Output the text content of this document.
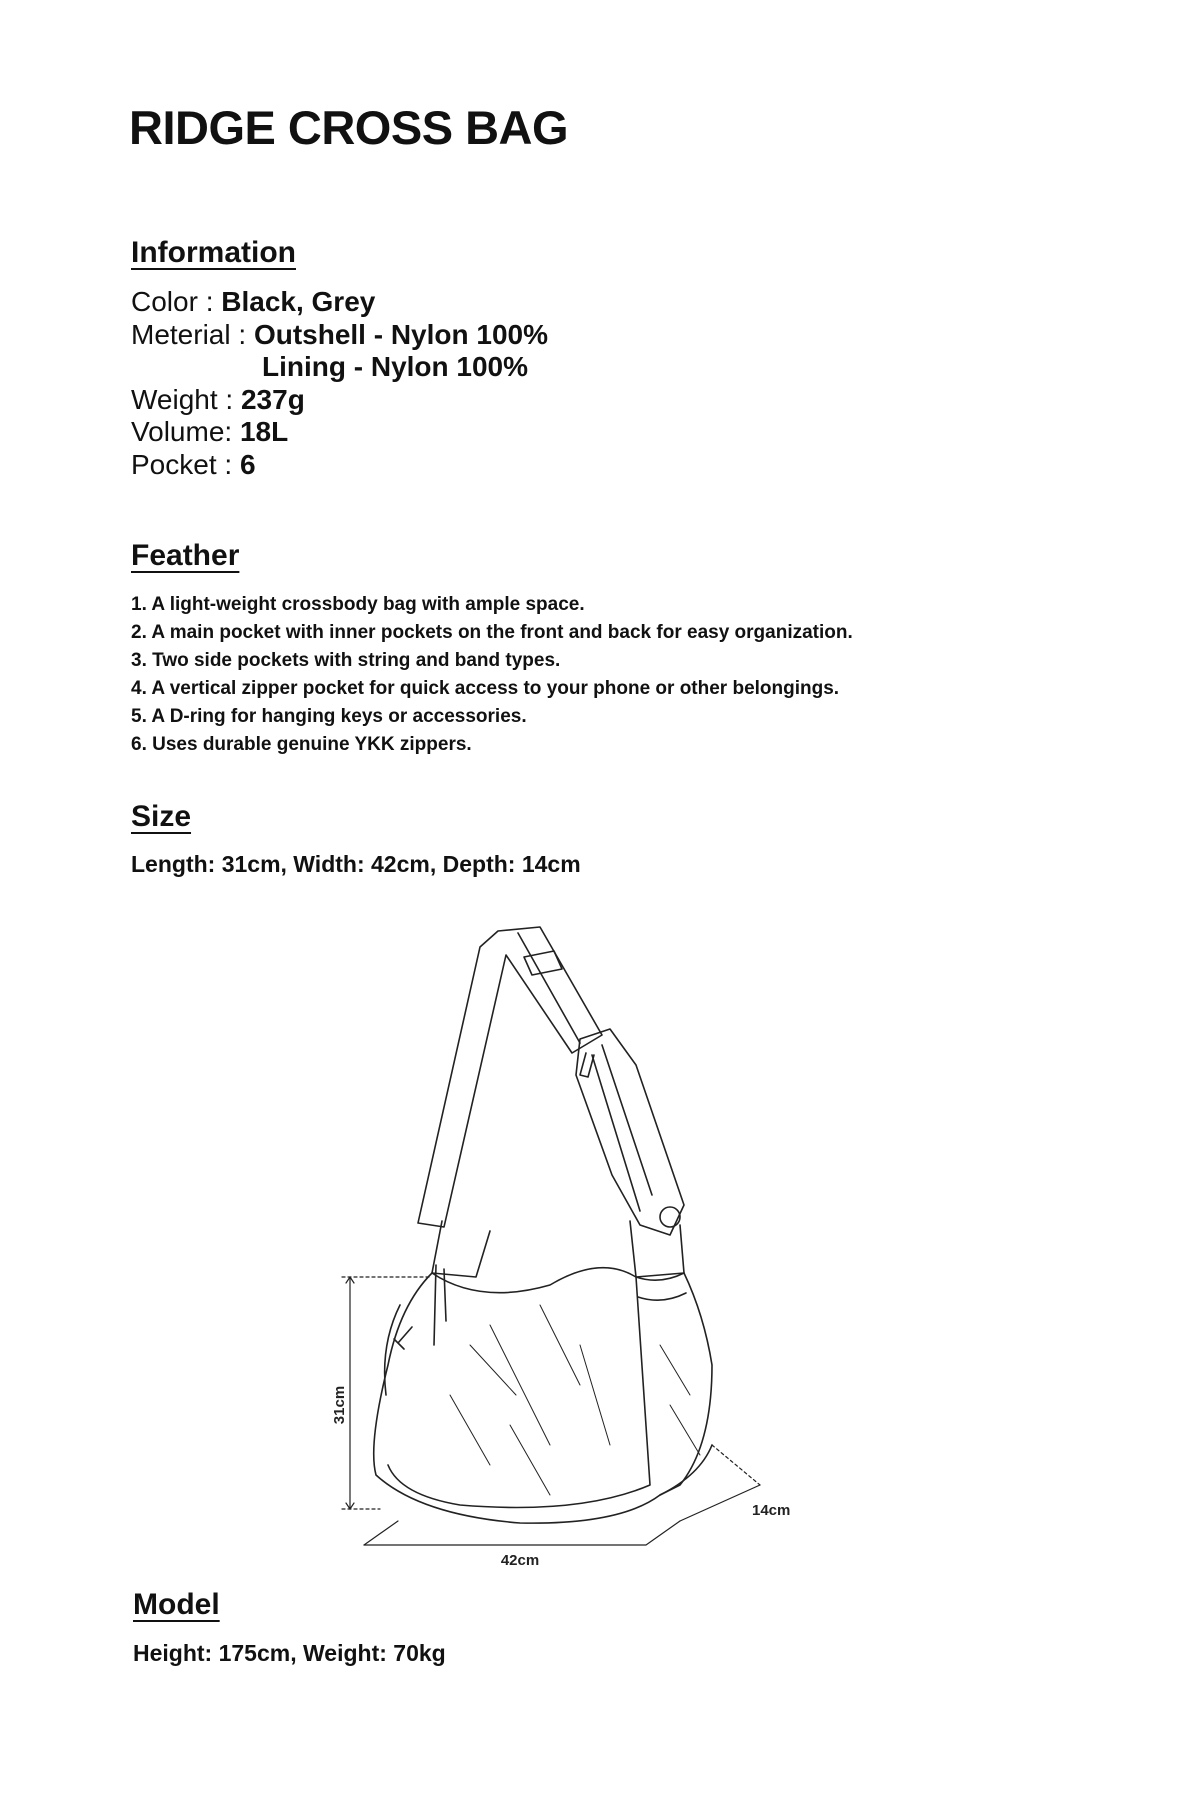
RIDGE CROSS BAG
Information
Color : Black, Grey
Meterial : Outshell - Nylon 100%
Lining - Nylon 100%
Weight : 237g
Volume: 18L
Pocket : 6
Feather
1. A light-weight crossbody bag with ample space.
2. A main pocket with inner pockets on the front and back for easy organization.
3. Two side pockets with string and band types.
4. A vertical zipper pocket for quick access to your phone or other belongings.
5. A D-ring for hanging keys or accessories.
6. Uses durable genuine YKK zippers.
Size
Length: 31cm, Width: 42cm, Depth: 14cm
31cm
42cm
14cm
Model
Height: 175cm, Weight: 70kg
